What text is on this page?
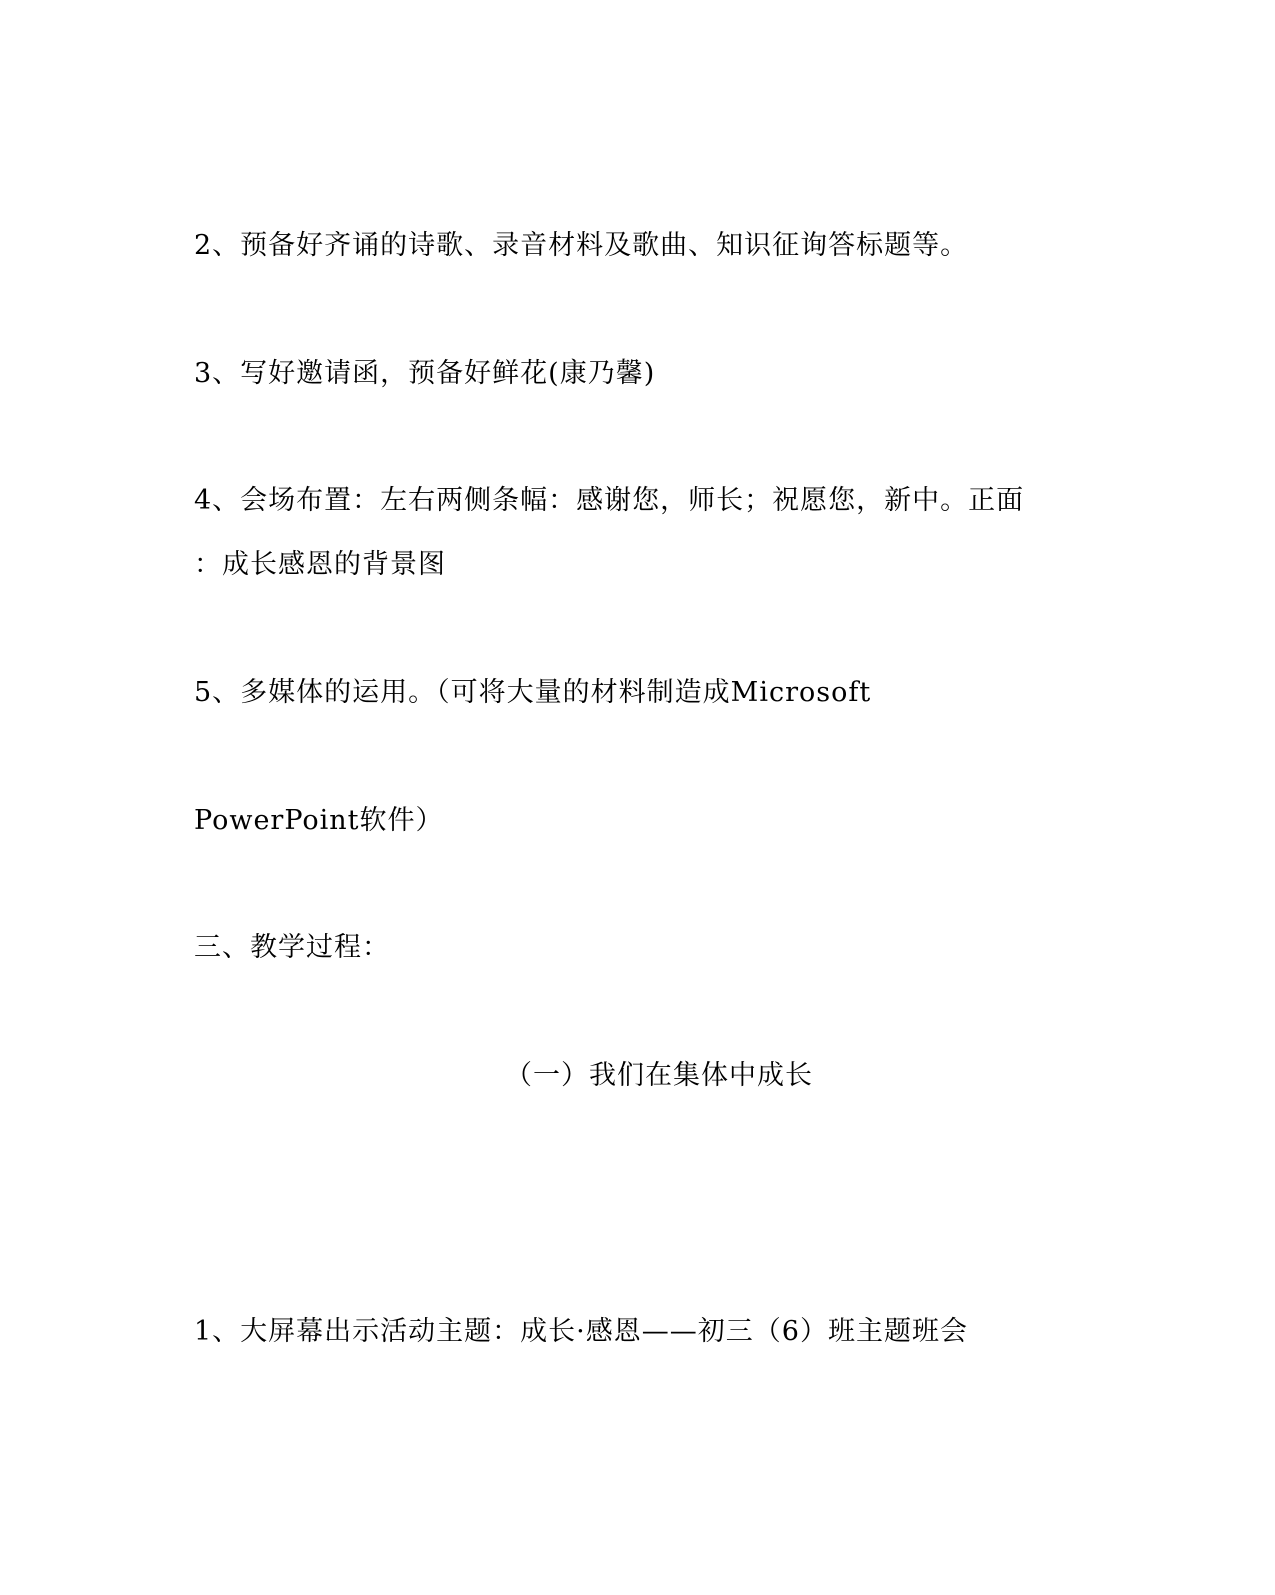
2、预备好齐诵的诗歌、录音材料及歌曲、知识征询答标题等。
3、写好邀请函，预备好鲜花(康乃馨)
4、会场布置：左右两侧条幅：感谢您，师长；祝愿您，新中。正面
：成长感恩的背景图
5、多媒体的运用。（可将大量的材料制造成Microsoft
PowerPoint软件）
三、教学过程：
（一）我们在集体中成长
1、大屏幕出示活动主题：成长·感恩——初三（6）班主题班会
